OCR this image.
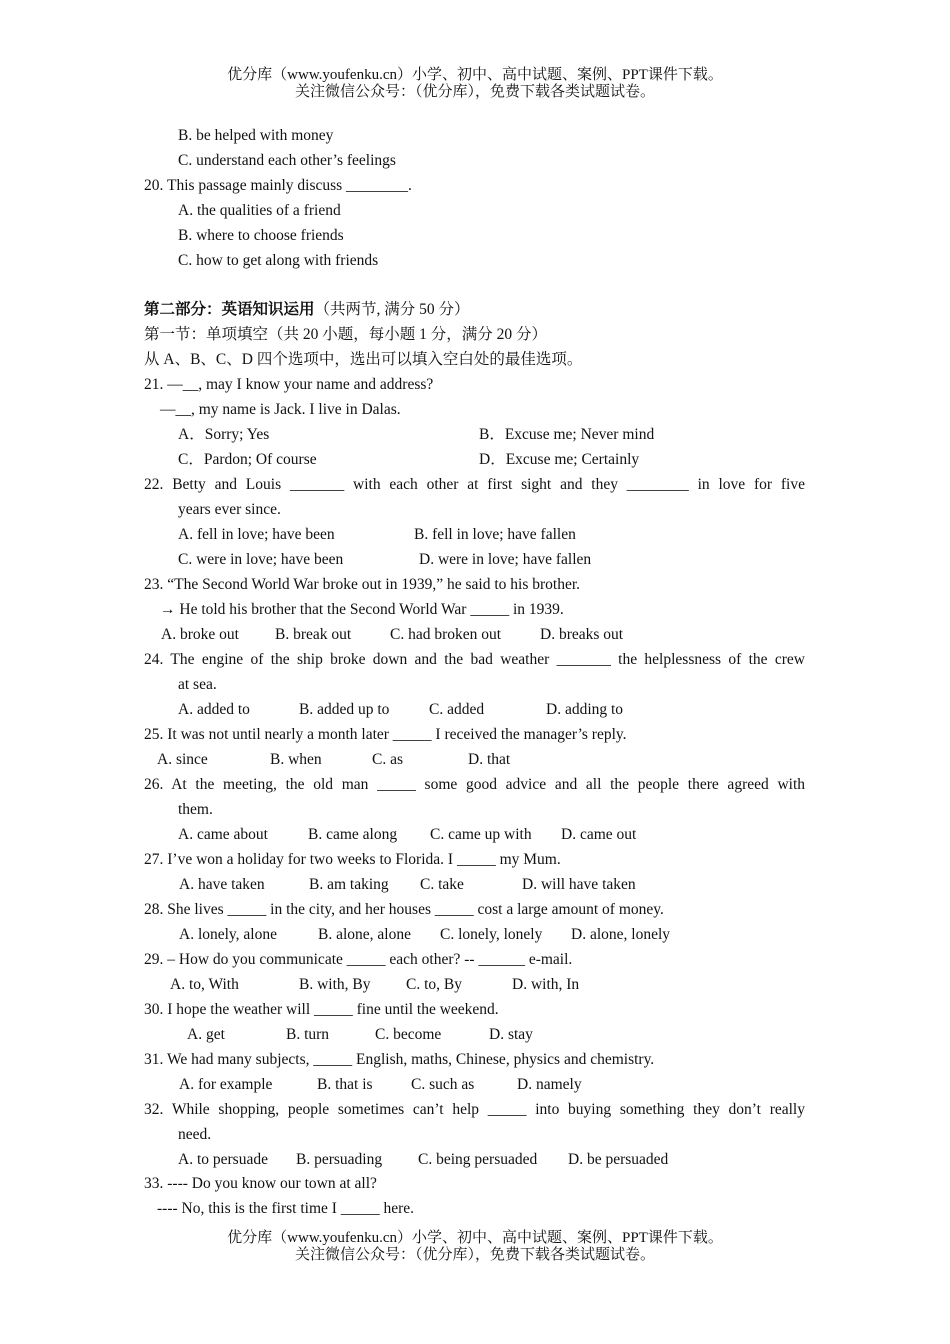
优分库（www.youfenku.cn）小学、初中、高中试题、案例、PPT课件下载。
关注微信公众号：（优分库），免费下载各类试题试卷。
B. be helped with money
C. understand each other’s feelings
20. This passage mainly discuss ________.
A. the qualities of a friend
B. where to choose friends
C. how to get along with friends
第二部分：英语知识运用（共两节, 满分 50 分）
第一节：单项填空（共 20 小题，每小题 1 分，满分 20 分）
从 A、B、C、D 四个选项中，选出可以填入空白处的最佳选项。
21. —__, may I know your name and address?
—__, my name is Jack. I live in Dalas.
A．Sorry; Yes	B．Excuse me; Never mind
C．Pardon; Of course	D．Excuse me; Certainly
22. Betty and Louis _______ with each other at first sight and they ________ in love for five
years ever since.
A. fell in love; have been	B. fell in love; have fallen
C. were in love; have been	D. were in love; have fallen
23. “The Second World War broke out in 1939,” he said to his brother.
→ He told his brother that the Second World War _____ in 1939.
A. broke out B. break out	C. had broken out	D. breaks out
24. The engine of the ship broke down and the bad weather _______ the helplessness of the crew
at sea.
A. added to	B. added up to	C. added	D. adding to
25. It was not until nearly a month later _____ I received the manager’s reply.
A. since	B. when	C. as	D. that
26. At the meeting, the old man _____ some good advice and all the people there agreed with
them.
A. came about	B. came along C. came up with D. came out
27. I’ve won a holiday for two weeks to Florida. I _____ my Mum.
A. have taken	B. am taking C. take	D. will have taken
28. She lives _____ in the city, and her houses _____ cost a large amount of money.
A. lonely, alone	B. alone, alone C. lonely, lonely D. alone, lonely
29. – How do you communicate _____ each other? -- ______ e-mail.
A. to, With	B. with, By C. to, By	D. with, In
30. I hope the weather will _____ fine until the weekend.
A. get	B. turn	C. become	D. stay
31. We had many subjects, _____ English, maths, Chinese, physics and chemistry.
A. for example	B. that is C. such as	D. namely
32. While shopping, people sometimes can’t help _____ into buying something they don’t really
need.
A. to persuade B. persuading C. being persuaded D. be persuaded
33. ---- Do you know our town at all?
---- No, this is the first time I _____ here.
优分库（www.youfenku.cn）小学、初中、高中试题、案例、PPT课件下载。
关注微信公众号：（优分库），免费下载各类试题试卷。
